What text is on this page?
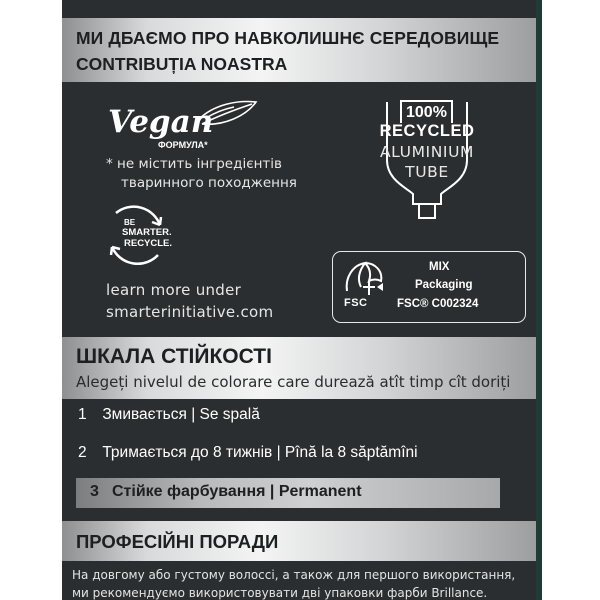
МИ ДБАЄМО ПРО НАВКОЛИШНЄ СЕРЕДОВИЩЕ
CONTRIBUȚIA NOASTRA
Vegan
ФОРМУЛА*
* не містить інгредієнтів
тваринного походження
BE
SMARTER.
RECYCLE.
learn more under
smarterinitiative.com
100%
RECYCLED
ALUMINIUM
TUBE
FSC
MIX
Packaging
FSC® C002324
ШКАЛА СТІЙКОСТІ
Alegeți nivelul de colorare care durează atît timp cît doriți
1 Змивається | Se spală
2 Тримається до 8 тижнів | Pînă la 8 săptămîni
3 Стійке фарбування | Permanent
ПРОФЕСІЙНІ ПОРАДИ
На довгому або густому волоссі, а також для першого використання,
ми рекомендуємо використовувати дві упаковки фарби Brillance.
